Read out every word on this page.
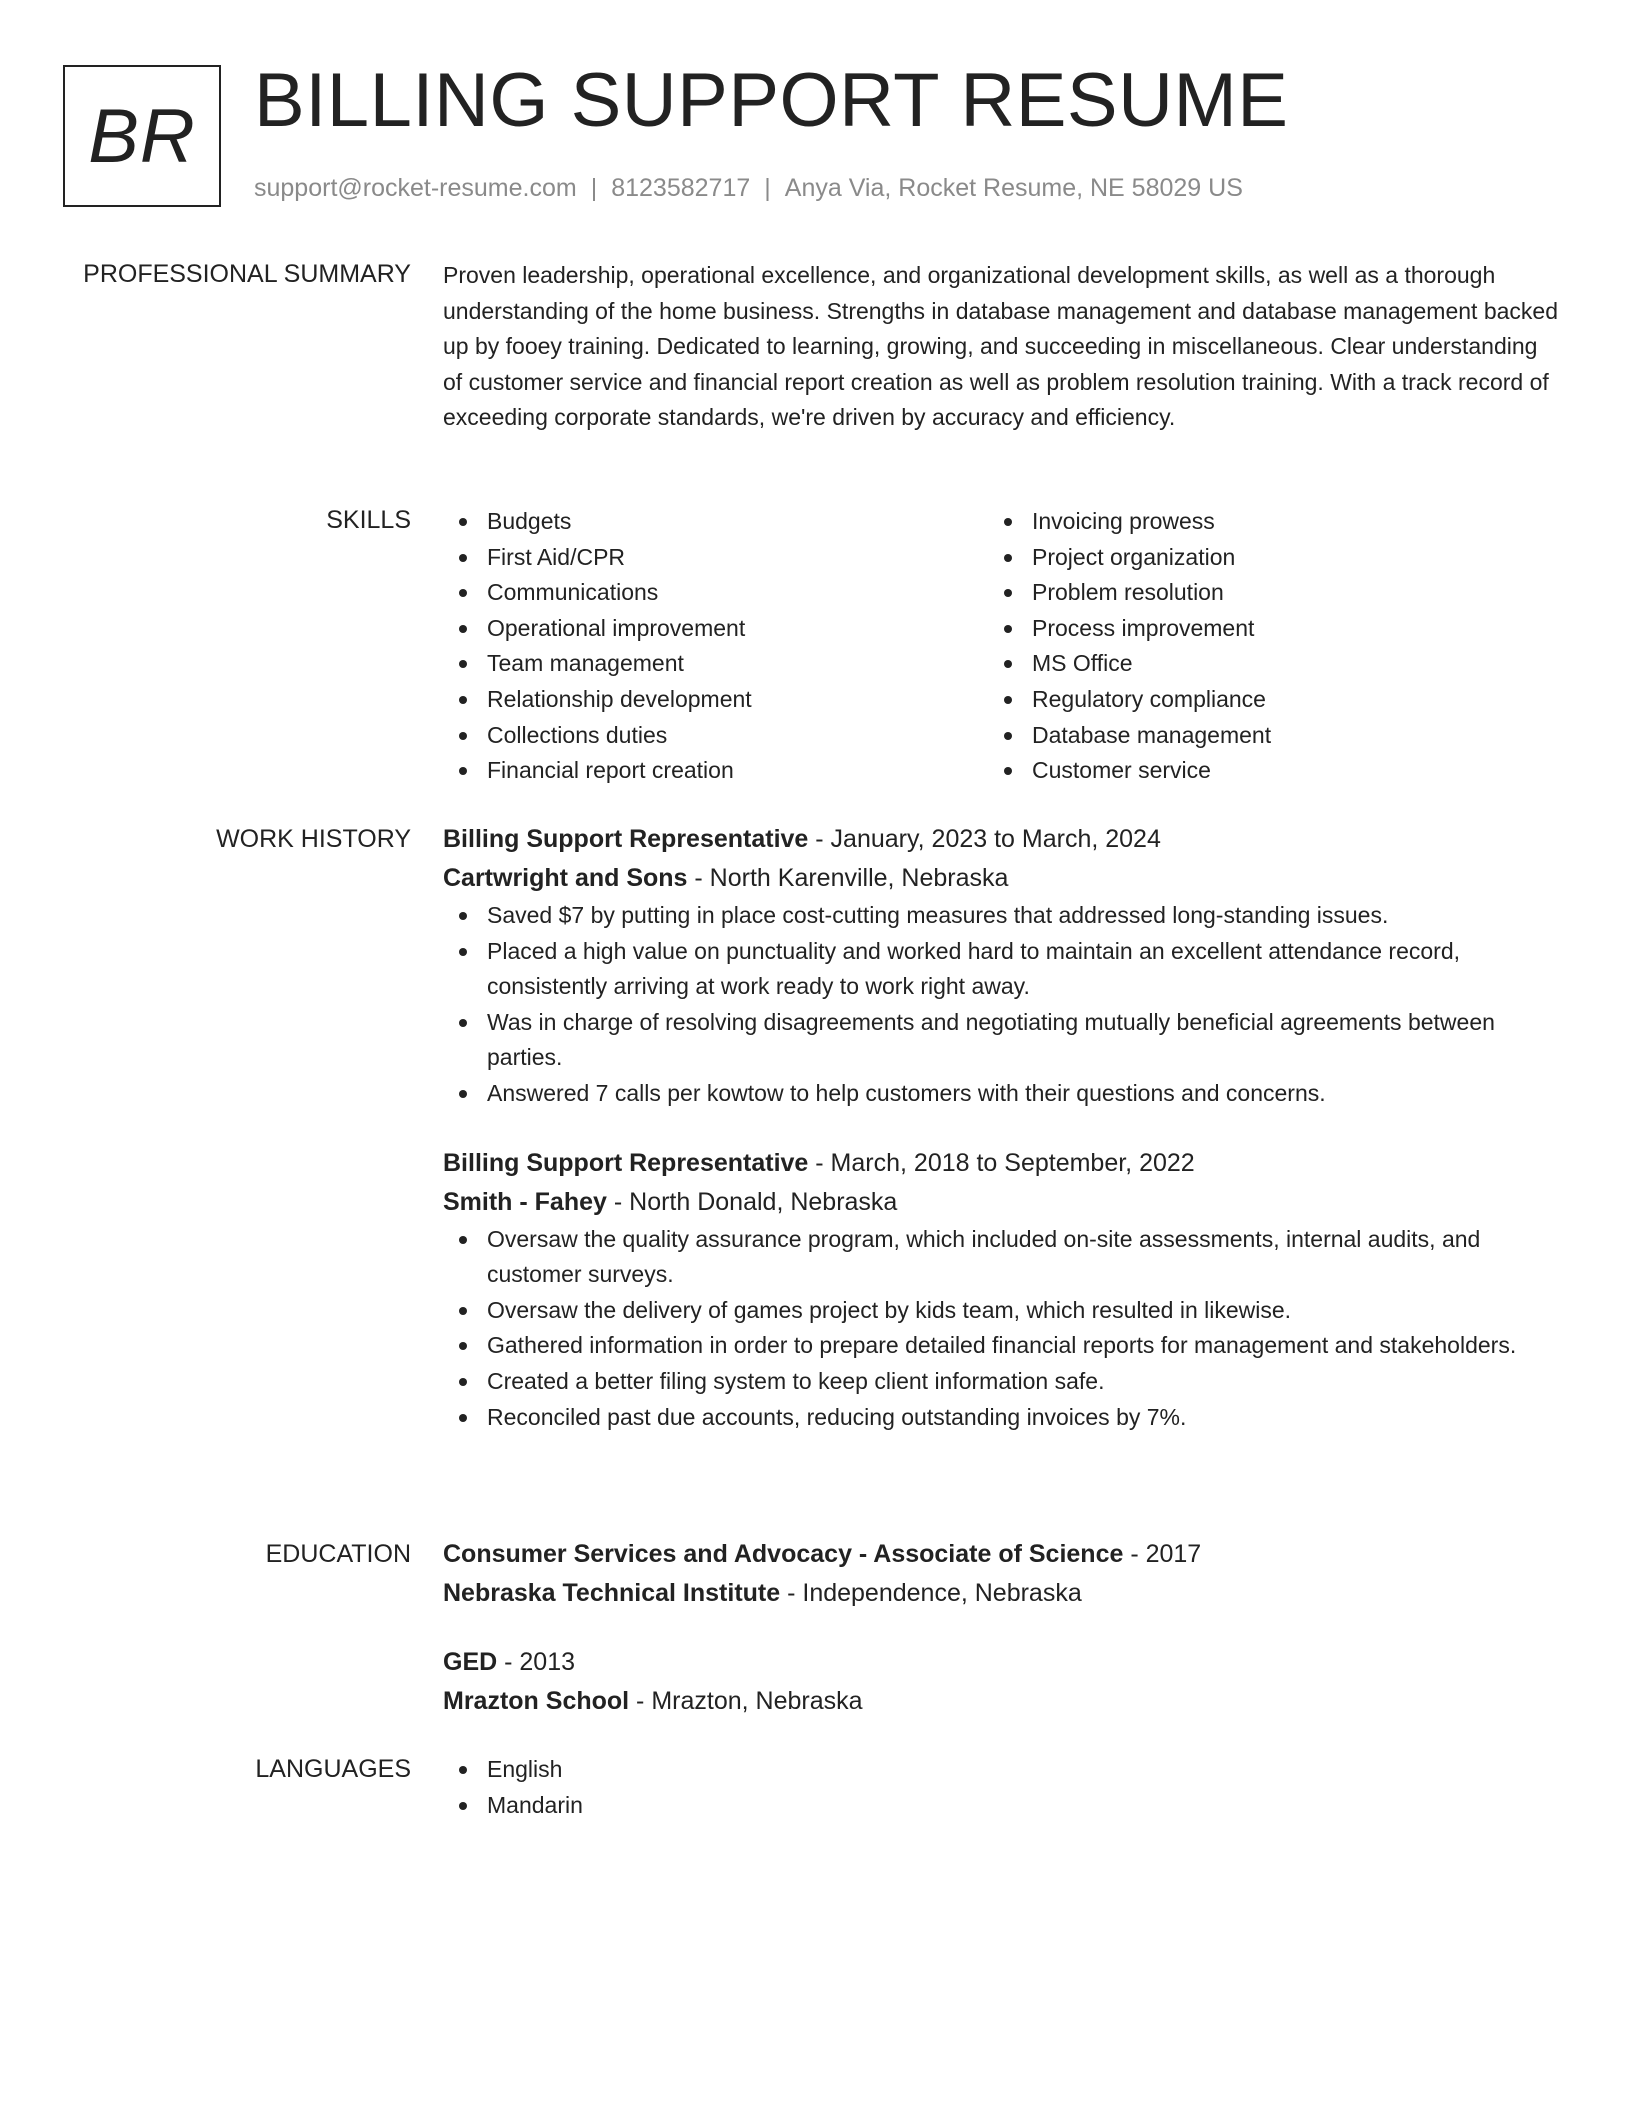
BR BILLING SUPPORT RESUME
support@rocket-resume.com | 8123582717 | Anya Via, Rocket Resume, NE 58029 US
PROFESSIONAL SUMMARY Proven leadership, operational excellence, and organizational development skills, as well as a thorough understanding of the home business. Strengths in database management and database management backed up by fooey training. Dedicated to learning, growing, and succeeding in miscellaneous. Clear understanding of customer service and financial report creation as well as problem resolution training. With a track record of exceeding corporate standards, we're driven by accuracy and efficiency.

SKILLS	Budgets
First Aid/CPR
Communications
Operational improvement
Team management
Relationship development
Collections duties
Financial report creation
Invoicing prowess
Project organization
Problem resolution
Process improvement
MS Office
Regulatory compliance
Database management
Customer service
WORK HISTORY Billing Support Representative - January, 2023 to March, 2024
Cartwright and Sons - North Karenville, Nebraska
Saved $7 by putting in place cost-cutting measures that addressed long-standing issues.
Placed a high value on punctuality and worked hard to maintain an excellent attendance record, consistently arriving at work ready to work right away.
Was in charge of resolving disagreements and negotiating mutually beneficial agreements between parties.
Answered 7 calls per kowtow to help customers with their questions and concerns.
Billing Support Representative - March, 2018 to September, 2022
Smith - Fahey - North Donald, Nebraska
Oversaw the quality assurance program, which included on-site assessments, internal audits, and customer surveys.
Oversaw the delivery of games project by kids team, which resulted in likewise.
Gathered information in order to prepare detailed financial reports for management and stakeholders.
Created a better filing system to keep client information safe.
Reconciled past due accounts, reducing outstanding invoices by 7%.
EDUCATION Consumer Services and Advocacy - Associate of Science - 2017
Nebraska Technical Institute - Independence, Nebraska
GED - 2013
Mrazton School - Mrazton, Nebraska
LANGUAGES	English
Mandarin
